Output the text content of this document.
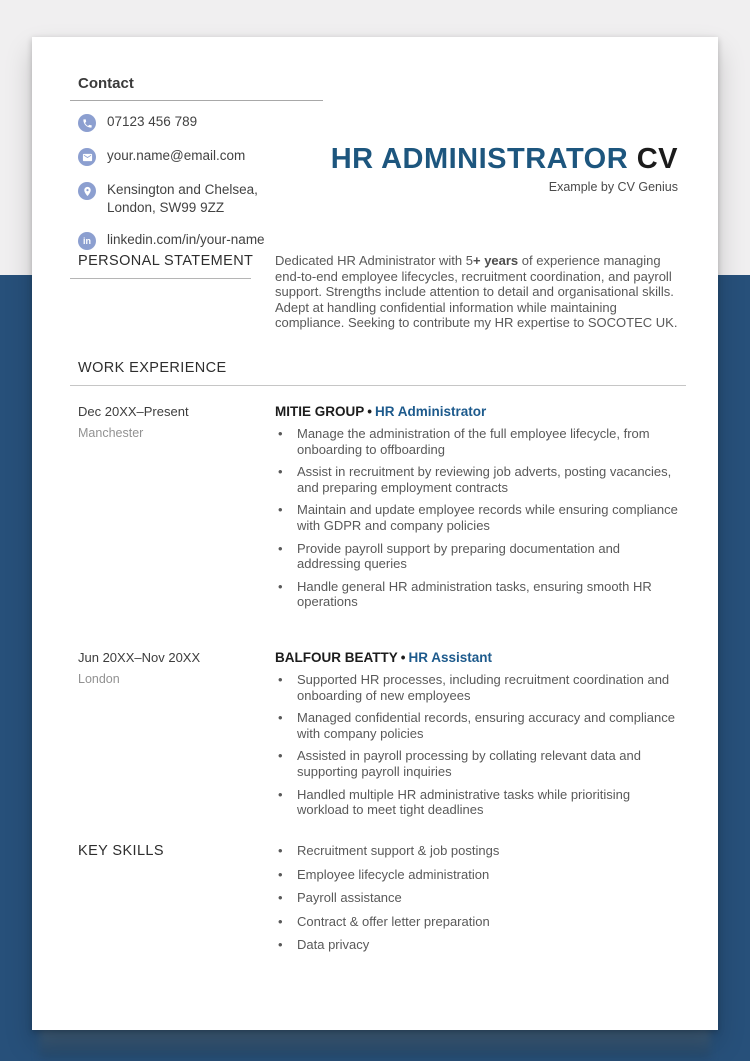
Contact
07123 456 789
your.name@email.com
Kensington and Chelsea, London, SW99 9ZZ
in linkedin.com/in/your-name
HR ADMINISTRATOR CV
Example by CV Genius
PERSONAL STATEMENT	Dedicated HR Administrator with 5+ years of experience managing end-to-end employee lifecycles, recruitment coordination, and payroll support. Strengths include attention to detail and organisational skills. Adept at handling confidential information while maintaining compliance. Seeking to contribute my HR expertise to SOCOTEC UK.
WORK EXPERIENCE
Dec 20XX–Present
Manchester
MITIE GROUP • HR Administrator
• Manage the administration of the full employee lifecycle, from onboarding to offboarding
• Assist in recruitment by reviewing job adverts, posting vacancies, and preparing employment contracts
• Maintain and update employee records while ensuring compliance with GDPR and company policies
• Provide payroll support by preparing documentation and addressing queries
• Handle general HR administration tasks, ensuring smooth HR operations
Jun 20XX–Nov 20XX
London
BALFOUR BEATTY • HR Assistant
• Supported HR processes, including recruitment coordination and onboarding of new employees
• Managed confidential records, ensuring accuracy and compliance with company policies
• Assisted in payroll processing by collating relevant data and supporting payroll inquiries
• Handled multiple HR administrative tasks while prioritising workload to meet tight deadlines
KEY SKILLS	• Recruitment support & job postings
• Employee lifecycle administration
• Payroll assistance
• Contract & offer letter preparation
• Data privacy
